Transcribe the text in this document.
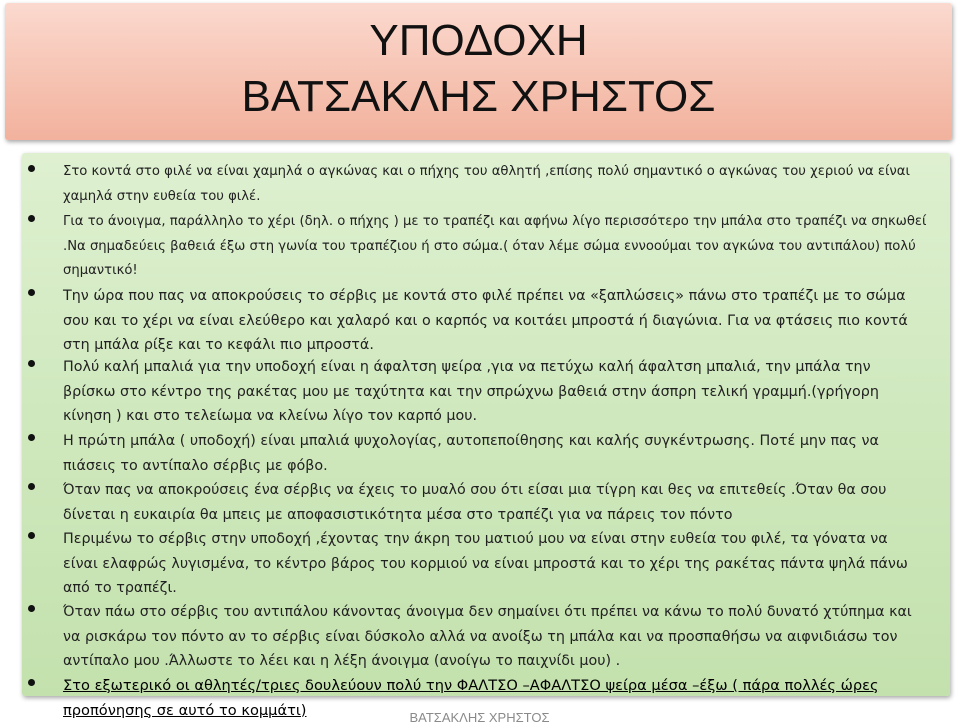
ΥΠΟΔΟΧΗ
ΒΑΤΣΑΚΛΗΣ ΧΡΗΣΤΟΣ
Στο κοντά στο φιλέ να είναι χαμηλά ο αγκώνας και ο πήχης του αθλητή ,επίσης πολύ σημαντικό ο αγκώνας του χεριού να είναι χαμηλά στην ευθεία του φιλέ.
Για το άνοιγμα, παράλληλο το χέρι (δηλ. ο πήχης ) με το τραπέζι και αφήνω λίγο περισσότερο την μπάλα στο τραπέζι να σηκωθεί .Να σημαδεύεις βαθειά έξω στη γωνία του τραπέζιου ή στο σώμα.( όταν λέμε σώμα εννοούμαι τον αγκώνα του αντιπάλου) πολύ σημαντικό!
Την ώρα που πας να αποκρούσεις το σέρβις με κοντά στο φιλέ πρέπει να «ξαπλώσεις» πάνω στο τραπέζι με το σώμα σου και το χέρι να είναι ελεύθερο και χαλαρό και ο καρπός να κοιτάει μπροστά ή διαγώνια. Για να φτάσεις πιο κοντά στη μπάλα ρίξε και το κεφάλι πιο μπροστά.
Πολύ καλή μπαλιά για την υποδοχή είναι η άφαλτση ψείρα ,για να πετύχω καλή άφαλτση μπαλιά, την μπάλα την βρίσκω στο κέντρο της ρακέτας μου με ταχύτητα και την σπρώχνω βαθειά στην άσπρη τελική γραμμή.(γρήγορη κίνηση ) και στο τελείωμα να κλείνω λίγο τον καρπό μου.
Η πρώτη μπάλα ( υποδοχή) είναι μπαλιά ψυχολογίας, αυτοπεποίθησης και καλής συγκέντρωσης. Ποτέ μην πας να πιάσεις το αντίπαλο σέρβις με φόβο.
Όταν πας να αποκρούσεις ένα σέρβις να έχεις το μυαλό σου ότι είσαι μια τίγρη και θες να επιτεθείς .Όταν θα σου δίνεται η ευκαιρία θα μπεις με αποφασιστικότητα μέσα στο τραπέζι για να πάρεις τον πόντο
Περιμένω το σέρβις στην υποδοχή ,έχοντας την άκρη του ματιού μου να είναι στην ευθεία του φιλέ, τα γόνατα να είναι ελαφρώς λυγισμένα, το κέντρο βάρος του κορμιού να είναι μπροστά και το χέρι της ρακέτας πάντα ψηλά πάνω από το τραπέζι.
Όταν πάω στο σέρβις του αντιπάλου κάνοντας άνοιγμα δεν σημαίνει ότι πρέπει να κάνω το πολύ δυνατό χτύπημα και να ρισκάρω τον πόντο αν το σέρβις είναι δύσκολο αλλά να ανοίξω τη μπάλα και να προσπαθήσω να αιφνιδιάσω τον αντίπαλο μου .Άλλωστε το λέει και η λέξη άνοιγμα (ανοίγω το παιχνίδι μου) .
Στο εξωτερικό οι αθλητές/τριες δουλεύουν πολύ την ΦΑΛΤΣΟ –ΑΦΑΛΤΣΟ ψείρα μέσα –έξω ( πάρα πολλές ώρες προπόνησης σε αυτό το κομμάτι)	ΒΑΤΣΑΚΛΗΣ ΧΡΗΣΤΟΣ
